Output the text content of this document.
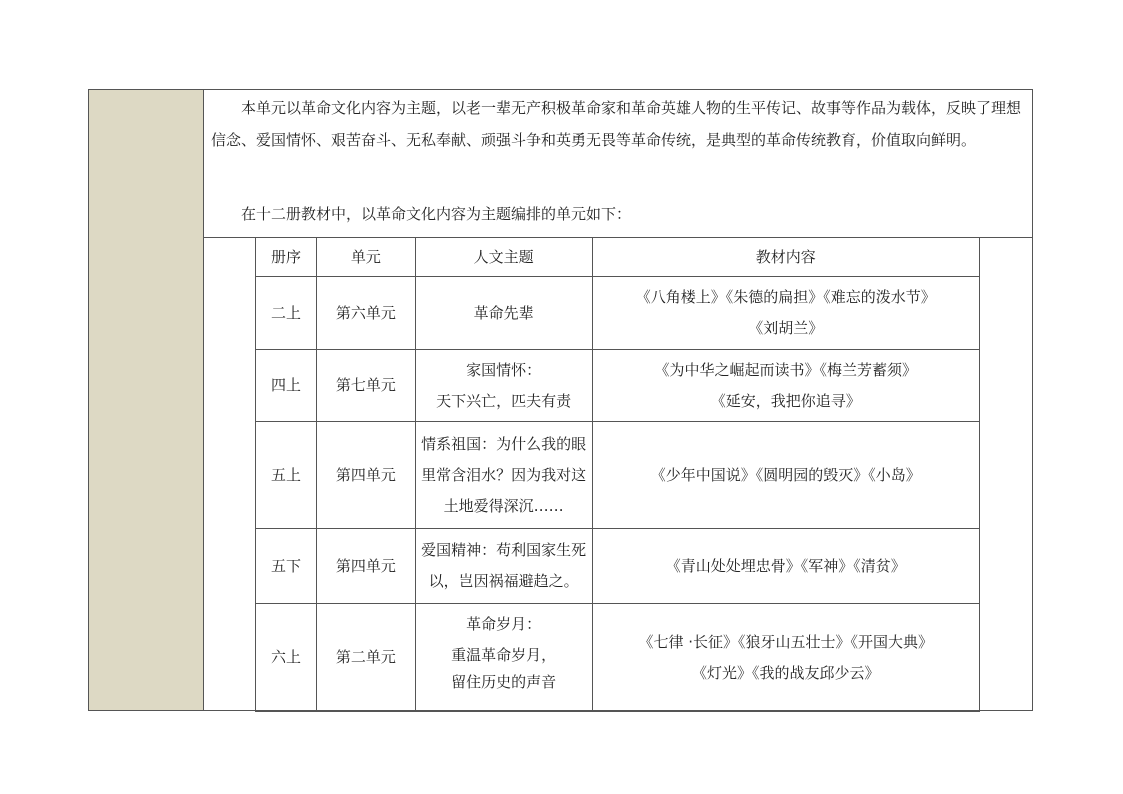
本单元以革命文化内容为主题，以老一辈无产积极革命家和革命英雄人物的生平传记、故事等作品为载体，反映了理想信念、爱国情怀、艰苦奋斗、无私奉献、顽强斗争和英勇无畏等革命传统，是典型的革命传统教育，价值取向鲜明。

在十二册教材中，以革命文化内容为主题编排的单元如下：

册序	单元	人文主题	教材内容
二上	第六单元	革命先辈	《八角楼上》《朱德的扁担》《难忘的泼水节》
《刘胡兰》

四上	第七单元	家国情怀：
天下兴亡，匹夫有责	《为中华之崛起而读书》《梅兰芳蓄须》
《延安，我把你追寻》

五上	第四单元	情系祖国：为什么我的眼里常含泪水？因为我对这土地爱得深沉……	《少年中国说》《圆明园的毁灭》《小岛》

五下	第四单元	爱国精神：苟利国家生死以，岂因祸福避趋之。	《青山处处埋忠骨》《军神》《清贫》

六上	第二单元	革命岁月：
重温革命岁月，
留住历史的声音	《七律 ·长征》《狼牙山五壮士》《开国大典》
《灯光》《我的战友邱少云》
